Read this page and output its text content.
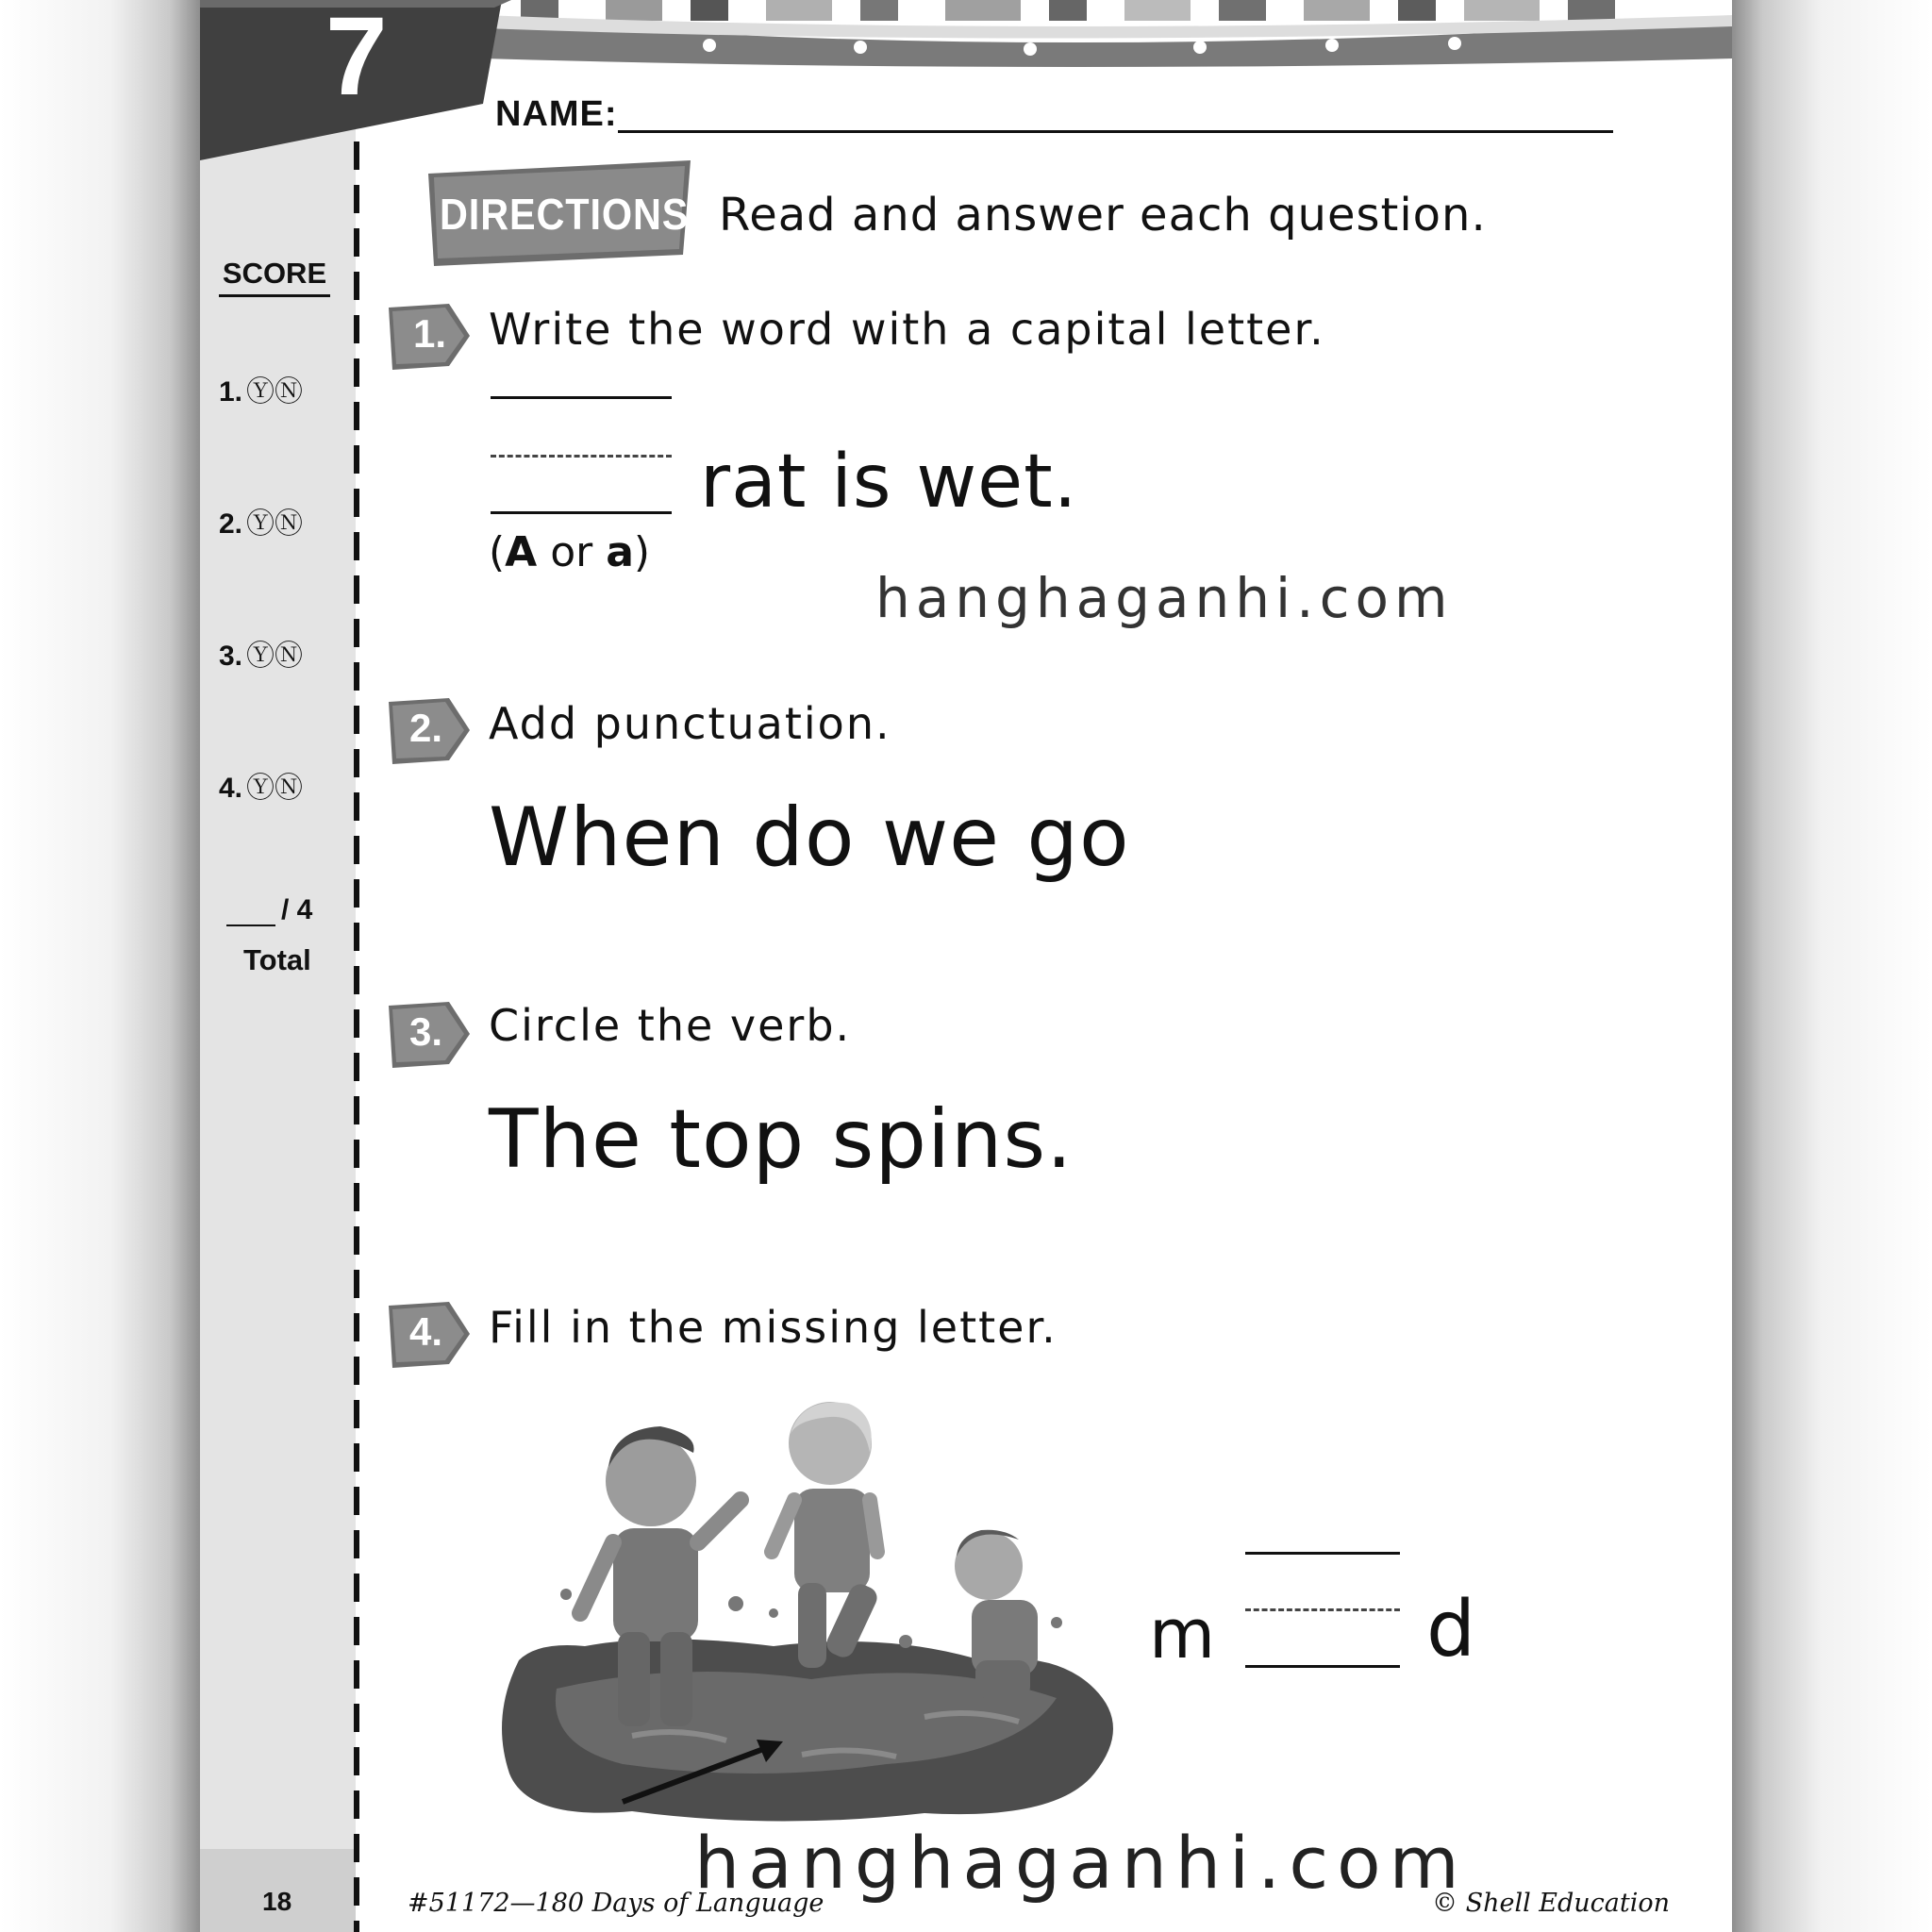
7	NAME:
DIRECTIONS Read and answer each question.
SCORE
1. ⓎⓃ
2. ⓎⓃ
3. ⓎⓃ
4. ⓎⓃ
/ 4
Total
1. Write the word with a capital letter.
rat is wet.
(A or a)
hanghaganhi.com
2. Add punctuation.
When do we go
3. Circle the verb.
The top spins.
4. Fill in the missing letter.
m	d
hanghaganhi.com
18	#51172—180 Days of Language	© Shell Education
